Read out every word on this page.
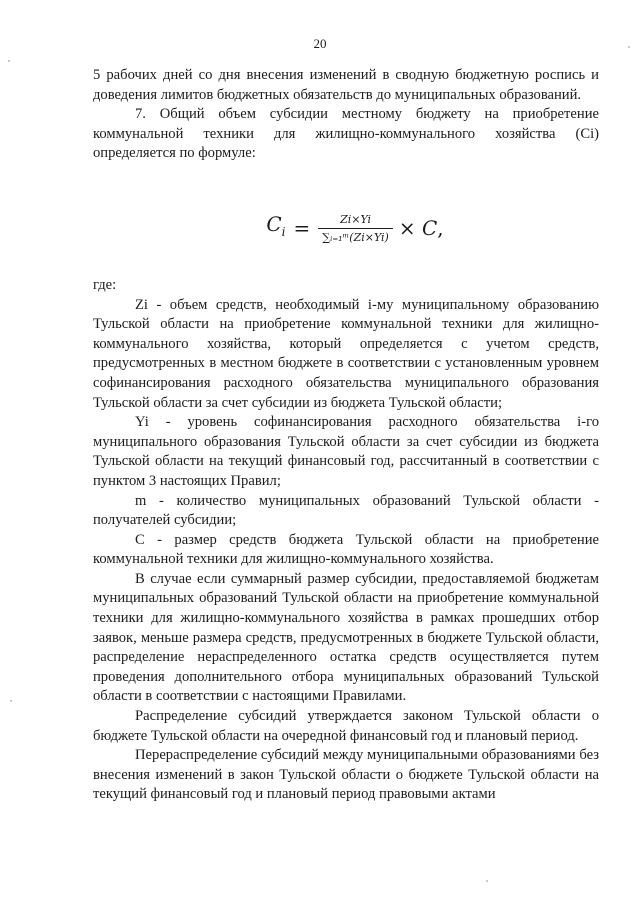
20

5 рабочих дней со дня внесения изменений в сводную бюджетную роспись и доведения лимитов бюджетных обязательств до муниципальных образований.

7. Общий объем субсидии местному бюджету на приобретение коммунальной техники для жилищно-коммунального хозяйства (Ci) определяется по формуле:

$C_i = \frac{Zi\times Yi}{\text{∑ᵢ₌₁ᵐ(Zi×Yi)}} \times C$,

где:

Zi - объем средств, необходимый i-му муниципальному образованию Тульской области на приобретение коммунальной техники для жилищно-коммунального хозяйства, который определяется с учетом средств, предусмотренных в местном бюджете в соответствии с установленным уровнем софинансирования расходного обязательства муниципального образования Тульской области за счет субсидии из бюджета Тульской области;

Yi - уровень софинансирования расходного обязательства i-го муниципального образования Тульской области за счет субсидии из бюджета Тульской области на текущий финансовый год, рассчитанный в соответствии с пунктом 3 настоящих Правил;

m - количество муниципальных образований Тульской области - получателей субсидии;

С - размер средств бюджета Тульской области на приобретение коммунальной техники для жилищно-коммунального хозяйства.

В случае если суммарный размер субсидии, предоставляемой бюджетам муниципальных образований Тульской области на приобретение коммунальной техники для жилищно-коммунального хозяйства в рамках прошедших отбор заявок, меньше размера средств, предусмотренных в бюджете Тульской области, распределение нераспределенного остатка средств осуществляется путем проведения дополнительного отбора муниципальных образований Тульской области в соответствии с настоящими Правилами.

Распределение субсидий утверждается законом Тульской области о бюджете Тульской области на очередной финансовый год и плановый период.

Перераспределение субсидий между муниципальными образованиями без внесения изменений в закон Тульской области о бюджете Тульской области на текущий финансовый год и плановый период правовыми актами
